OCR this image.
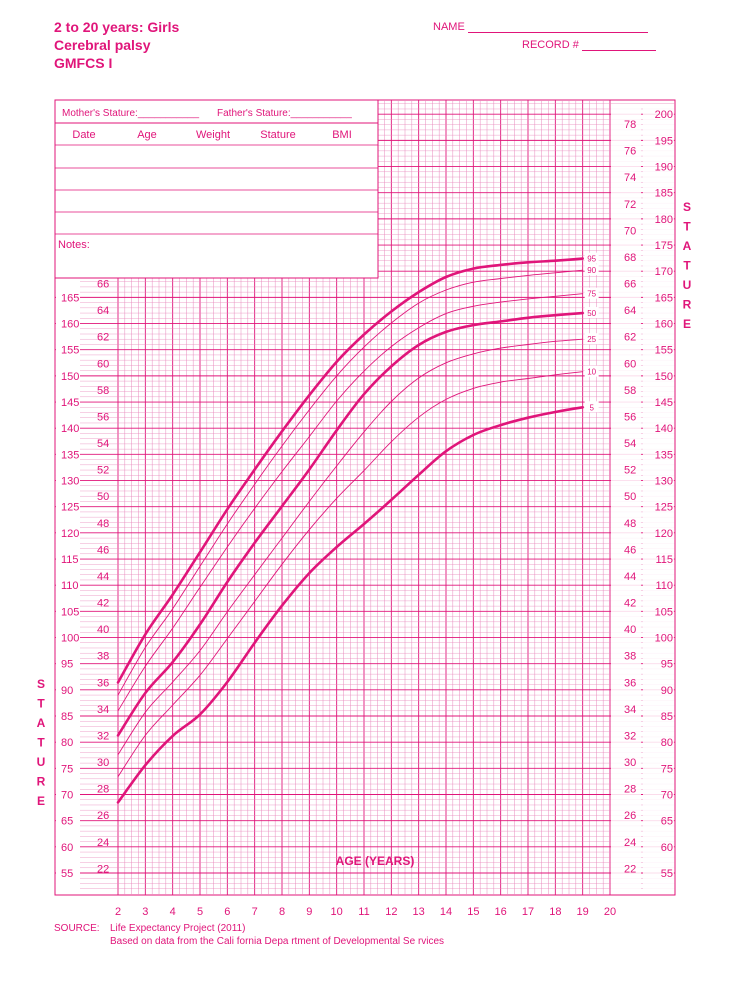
2 to 20 years: Girls
Cerebral palsy
GMFCS I
NAME
RECORD #
Mother's Stature:___________ Father's Stature:___________
Date	Age	Weight	Stature	BMI
Notes:
55	55
60	60
65	65
70	70
75	75
80	80
85	85
90	90
95	95
100	100
105	105
110	110
115	115
120	120
125	125
130	130
135	135
140	140
145	145
150	150
155	155
160	160
165	165
170
175
180
185
190
195
200
22	22
24	24
26	26
28	28
30	30
32	32
34	34
36	36
38	38
40	40
42	42
44	44
46	46
48	48
50	50
52	52
54	54
56	56
58	58
60	60
62	62
64	64
66	66
68
70
72
74
76
78
2 3 4 5 6 7 8 9 10 11 12 13 14 15 16 17 18 19 20
AGE (YEARS)
S
T
A
T
U
R
E
S
T
A
T
U
R
E
95
90
75
50
25
10
5
SOURCE: Life Expectancy Project (2011)
Based on data from the Cali fornia Depa rtment of Developmental Se rvices
